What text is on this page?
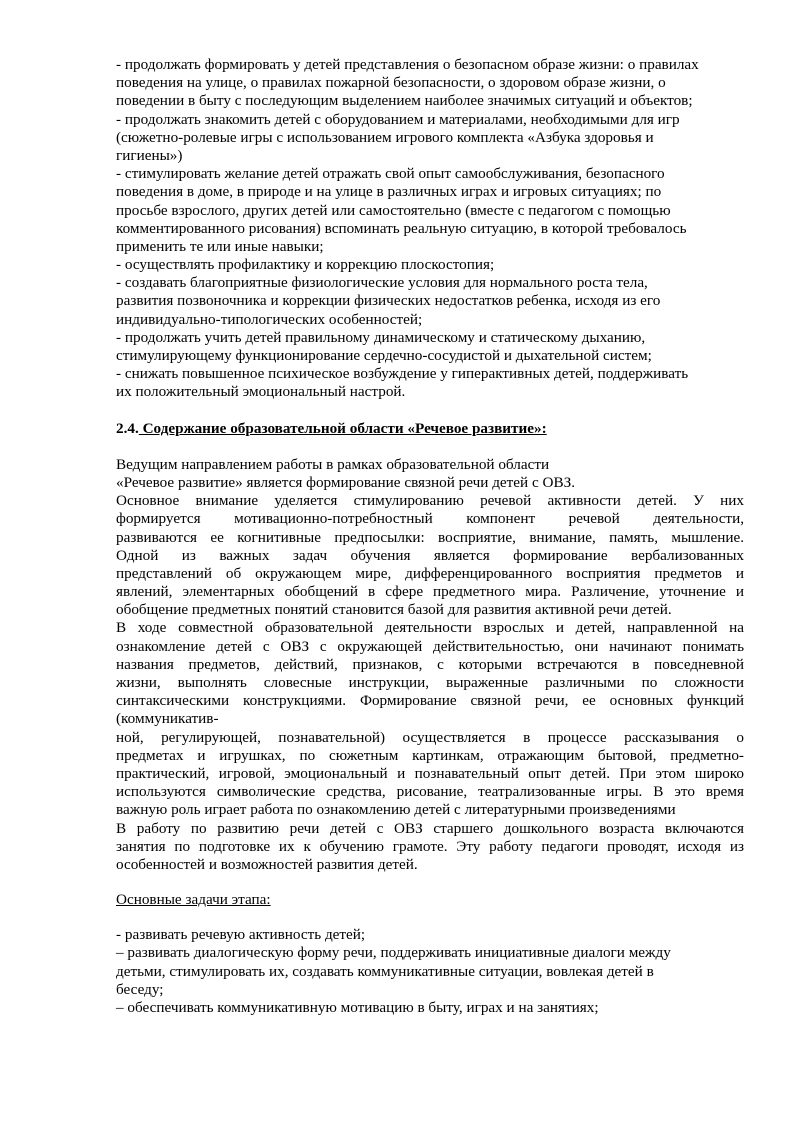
- продолжать формировать у детей представления о безопасном образе жизни: о правилах
поведения на улице, о правилах пожарной безопасности, о здоровом образе жизни, о
поведении в быту с последующим выделением наиболее значимых ситуаций и объектов;
- продолжать знакомить детей с оборудованием и материалами, необходимыми для игр
(сюжетно-ролевые игры с использованием игрового комплекта «Азбука здоровья и
гигиены»)
- стимулировать желание детей отражать свой опыт самообслуживания, безопасного
поведения в доме, в природе и на улице в различных играх и игровых ситуациях; по
просьбе взрослого, других детей или самостоятельно (вместе с педагогом с помощью
комментированного рисования) вспоминать реальную ситуацию, в которой требовалось
применить те или иные навыки;
- осуществлять профилактику и коррекцию плоскостопия;
- создавать благоприятные физиологические условия для нормального роста тела,
развития позвоночника и коррекции физических недостатков ребенка, исходя из его
индивидуально-типологических особенностей;
- продолжать учить детей правильному динамическому и статическому дыханию,
стимулирующему функционирование сердечно-сосудистой и дыхательной систем;
- снижать повышенное психическое возбуждение у гиперактивных детей, поддерживать
их положительный эмоциональный настрой.
2.4. Содержание образовательной области «Речевое развитие»:
Ведущим направлением работы в рамках образовательной области
«Речевое развитие» является формирование связной речи детей с ОВЗ.
Основное внимание уделяется стимулированию речевой активности детей. У них
формируется мотивационно-потребностный компонент речевой деятельности,
развиваются ее когнитивные предпосылки: восприятие, внимание, память, мышление.
Одной из важных задач обучения является формирование вербализованных
представлений об окружающем мире, дифференцированного восприятия предметов и
явлений, элементарных обобщений в сфере предметного мира. Различение, уточнение и
обобщение предметных понятий становится базой для развития активной речи детей.
В ходе совместной образовательной деятельности взрослых и детей, направленной на
ознакомление детей с ОВЗ с окружающей действительностью, они начинают понимать
названия предметов, действий, признаков, с которыми встречаются в повседневной
жизни, выполнять словесные инструкции, выраженные различными по сложности
синтаксическими конструкциями. Формирование связной речи, ее основных функций
(коммуникатив-
ной, регулирующей, познавательной) осуществляется в процессе рассказывания о
предметах и игрушках, по сюжетным картинкам, отражающим бытовой, предметно-
практический, игровой, эмоциональный и познавательный опыт детей. При этом широко
используются символические средства, рисование, театрализованные игры. В это время
важную роль играет работа по ознакомлению детей с литературными произведениями
В работу по развитию речи детей с ОВЗ старшего дошкольного возраста включаются
занятия по подготовке их к обучению грамоте. Эту работу педагоги проводят, исходя из
особенностей и возможностей развития детей.
Основные задачи этапа:
- развивать речевую активность детей;
– развивать диалогическую форму речи, поддерживать инициативные диалоги между
детьми, стимулировать их, создавать коммуникативные ситуации, вовлекая детей в
беседу;
– обеспечивать коммуникативную мотивацию в быту, играх и на занятиях;
